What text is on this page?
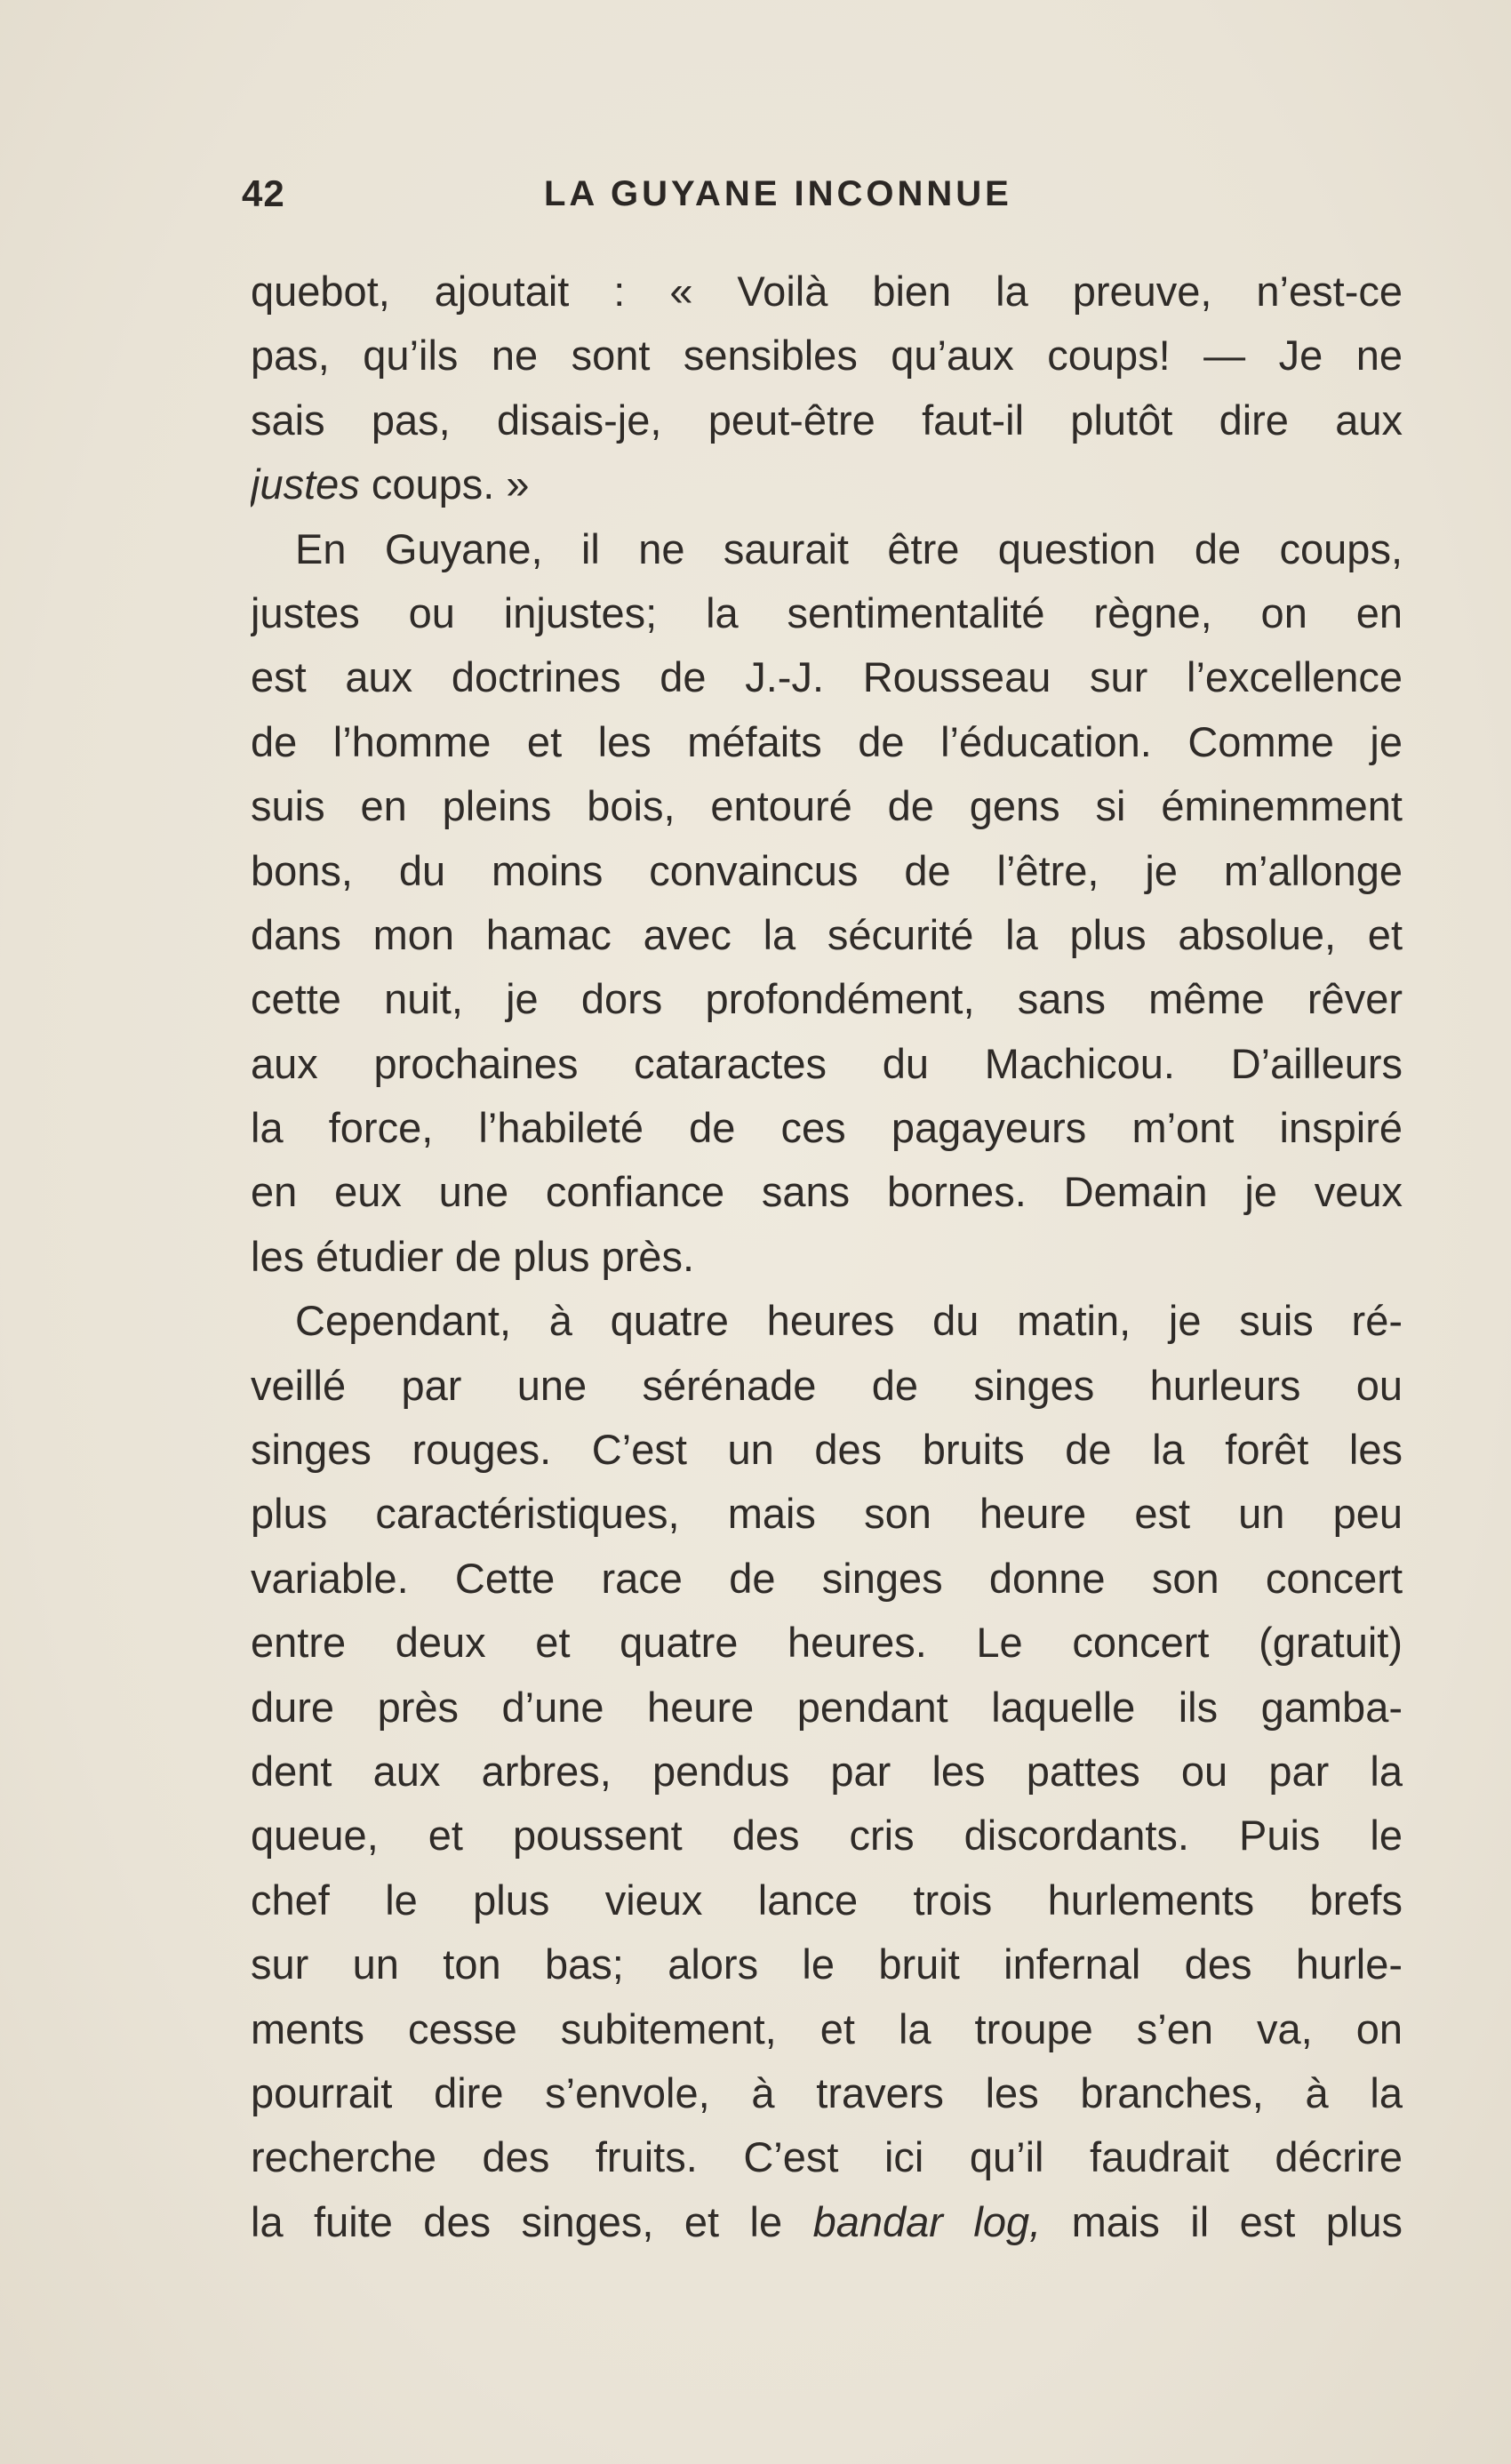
42	LA GUYANE INCONNUE
quebot, ajoutait : « Voilà bien la preuve, n’est-ce
pas, qu’ils ne sont sensibles qu’aux coups! — Je ne
sais pas, disais-je, peut-être faut-il plutôt dire aux
justes coups. »
En Guyane, il ne saurait être question de coups,
justes ou injustes; la sentimentalité règne, on en
est aux doctrines de J.-J. Rousseau sur l’excellence
de l’homme et les méfaits de l’éducation. Comme je
suis en pleins bois, entouré de gens si éminemment
bons, du moins convaincus de l’être, je m’allonge
dans mon hamac avec la sécurité la plus absolue, et
cette nuit, je dors profondément, sans même rêver
aux prochaines cataractes du Machicou. D’ailleurs
la force, l’habileté de ces pagayeurs m’ont inspiré
en eux une confiance sans bornes. Demain je veux
les étudier de plus près.
Cependant, à quatre heures du matin, je suis ré-
veillé par une sérénade de singes hurleurs ou
singes rouges. C’est un des bruits de la forêt les
plus caractéristiques, mais son heure est un peu
variable. Cette race de singes donne son concert
entre deux et quatre heures. Le concert (gratuit)
dure près d’une heure pendant laquelle ils gamba-
dent aux arbres, pendus par les pattes ou par la
queue, et poussent des cris discordants. Puis le
chef le plus vieux lance trois hurlements brefs
sur un ton bas; alors le bruit infernal des hurle-
ments cesse subitement, et la troupe s’en va, on
pourrait dire s’envole, à travers les branches, à la
recherche des fruits. C’est ici qu’il faudrait décrire
la fuite des singes, et le bandar log, mais il est plus
